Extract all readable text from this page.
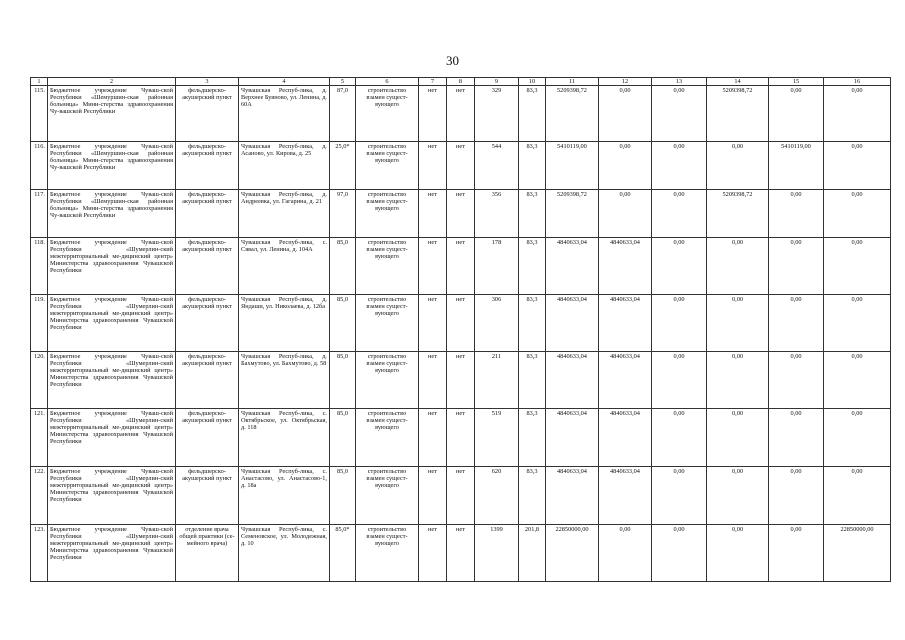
30
1	2	3	4	5	6	7	8	9	10	11	12	13	14	15	16
115.	Бюджетное учреждение Чуваш-ской Республики «Шемуршин-ская районная больница» Мини-стерства здравоохранения Чу-вашской Республики	фельдшерско-акушерский пункт	Чувашская Респуб-лика, д. Верхнее Буяново, ул. Ленина, д. 60А	87,0	строительство взамен сущест-вующего	нет	нет	329	83,3	5209398,72	0,00	0,00	5209398,72	0,00	0,00
116.	Бюджетное учреждение Чуваш-ской Республики «Шемуршин-ская районная больница» Мини-стерства здравоохранения Чу-вашской Республики	фельдшерско-акушерский пункт	Чувашская Респуб-лика, д. Асаново, ул. Кирова, д. 25	25,0*	строительство взамен сущест-вующего	нет	нет	544	83,3	5410119,00	0,00	0,00	0,00	5410119,00	0,00
117.	Бюджетное учреждение Чуваш-ской Республики «Шемуршин-ская районная больница» Мини-стерства здравоохранения Чу-вашской Республики	фельдшерско-акушерский пункт	Чувашская Респуб-лика, д. Андреевка, ул. Гагарина, д. 21	97,0	строительство взамен сущест-вующего	нет	нет	356	83,3	5209398,72	0,00	0,00	5209398,72	0,00	0,00
118.	Бюджетное учреждение Чуваш-ской Республики «Шумерлин-ский межтерриториальный ме-дицинский центр» Министерства здравоохранения Чувашской Республики	фельдшерско-акушерский пункт	Чувашская Респуб-лика, с. Сявал, ул. Ленина, д. 104А	85,0	строительство взамен сущест-вующего	нет	нет	178	83,3	4840633,04	4840633,04	0,00	0,00	0,00	0,00
119.	Бюджетное учреждение Чуваш-ской Республики «Шумерлин-ский межтерриториальный ме-дицинский центр» Министерства здравоохранения Чувашской Республики	фельдшерско-акушерский пункт	Чувашская Респуб-лика, д. Яндаши, ул. Николаева, д. 12ба	85,0	строительство взамен сущест-вующего	нет	нет	306	83,3	4840633,04	4840633,04	0,00	0,00	0,00	0,00
120.	Бюджетное учреждение Чуваш-ской Республики «Шумерлин-ский межтерриториальный ме-дицинский центр» Министерства здравоохранения Чувашской Республики	фельдшерско-акушерский пункт	Чувашская Респуб-лика, д. Бахмутово, ул. Бахмутово, д. 58	85,0	строительство взамен сущест-вующего	нет	нет	211	83,3	4840633,04	4840633,04	0,00	0,00	0,00	0,00
121.	Бюджетное учреждение Чуваш-ской Республики «Шумерлин-ский межтерриториальный ме-дицинский центр» Министерства здравоохранения Чувашской Республики	фельдшерско-акушерский пункт	Чувашская Респуб-лика, с. Октябрьское, ул. Октябрьская, д. 118	85,0	строительство взамен сущест-вующего	нет	нет	519	83,3	4840633,04	4840633,04	0,00	0,00	0,00	0,00
122.	Бюджетное учреждение Чуваш-ской Республики «Шумерлин-ский межтерриториальный ме-дицинский центр» Министерства здравоохранения Чувашской Республики	фельдшерско-акушерский пункт	Чувашская Респуб-лика, с. Анастасово, ул. Анастасово-1, д. 18а	85,0	строительство взамен сущест-вующего	нет	нет	620	83,3	4840633,04	4840633,04	0,00	0,00	0,00	0,00
123.	Бюджетное учреждение Чуваш-ской Республики «Шумерлин-ский межтерриториальный ме-дицинский центр» Министерства здравоохранения Чувашской Республики	отделение врача общей практики (се-мейного врача)	Чувашская Респуб-лика, с. Семеновское, ул. Молодежная, д. 10	85,0*	строительство взамен сущест-вующего	нет	нет	1399	201,8	22850000,00	0,00	0,00	0,00	0,00	22850000,00
